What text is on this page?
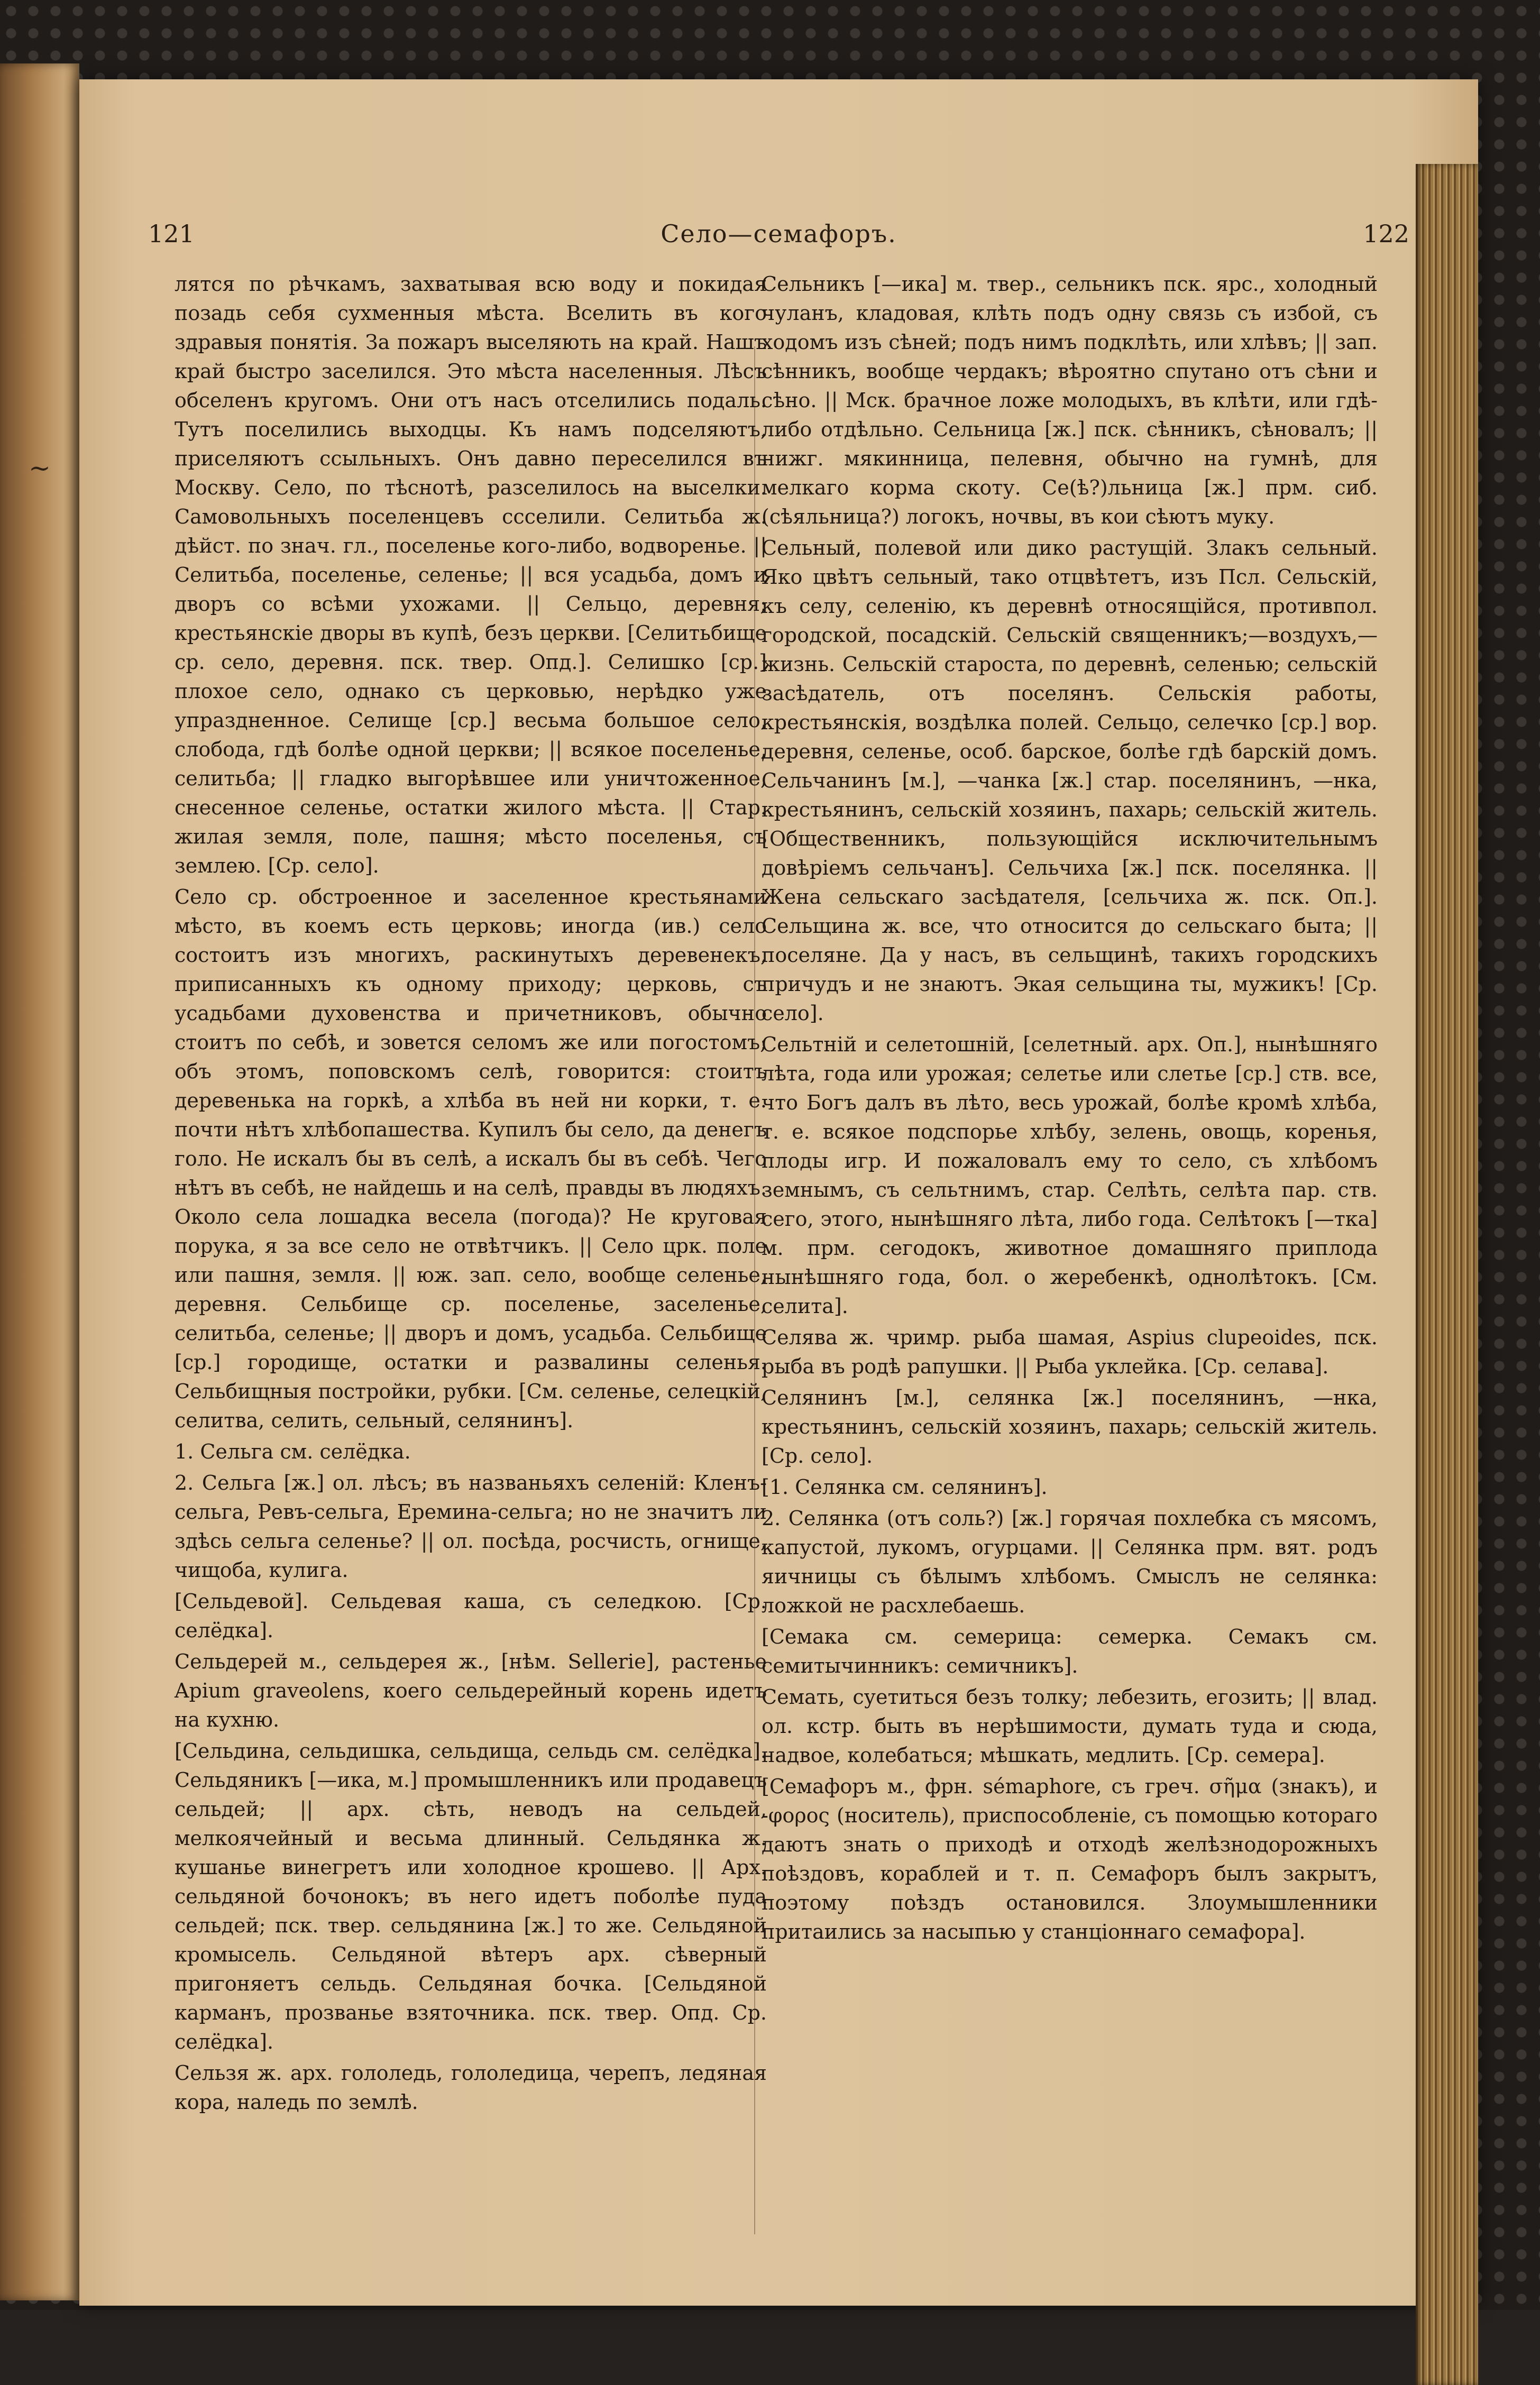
~
121	Село—семафоръ.	122

лятся по рѣчкамъ, захватывая всю воду и покидая позадь себя сухменныя мѣста. Вселить въ кого здравыя понятія. За пожаръ выселяють на край. Нашъ край быстро заселился. Это мѣста населенныя. Лѣсъ обселенъ кругомъ. Они отъ насъ отселились подаль. Тутъ поселились выходцы. Къ намъ подселяютъ, приселяютъ ссыльныхъ. Онъ давно переселился въ Москву. Село, по тѣснотѣ, разселилось на выселки. Самовольныхъ поселенцевъ ссселили. Селитьба ж. дѣйст. по знач. гл., поселенье кого-либо, водворенье. || Селитьба, поселенье, селенье; || вся усадьба, домъ и дворъ со всѣми ухожами. || Сельцо, деревня; крестьянскіе дворы въ купѣ, безъ церкви. [Селитьбище ср. село, деревня. пск. твер. Опд.]. Селишко [ср.] плохое село, однако съ церковью, нерѣдко уже упраздненное. Селище [ср.] весьма большое село, слобода, гдѣ болѣе одной церкви; || всякое поселенье, селитьба; || гладко выгорѣвшее или уничтоженное, снесенное селенье, остатки жилого мѣста. || Стар. жилая земля, поле, пашня; мѣсто поселенья, съ землею. [Ср. село].

Село ср. обстроенное и заселенное крестьянами мѣсто, въ коемъ есть церковь; иногда (ив.) село состоитъ изъ многихъ, раскинутыхъ деревенекъ, приписанныхъ къ одному приходу; церковь, съ усадьбами духовенства и причетниковъ, обычно стоитъ по себѣ, и зовется селомъ же или погостомъ; объ этомъ, поповскомъ селѣ, говорится: стоитъ деревенька на горкѣ, а хлѣба въ ней ни корки, т. е. почти нѣтъ хлѣбопашества. Купилъ бы село, да денегъ голо. Не искалъ бы въ селѣ, а искалъ бы въ себѣ. Чего нѣтъ въ себѣ, не найдешь и на селѣ, правды въ людяхъ. Около села лошадка весела (погода)? Не круговая порука, я за все село не отвѣтчикъ. || Село црк. поле или пашня, земля. || юж. зап. село, вообще селенье, деревня. Сельбище ср. поселенье, заселенье, селитьба, селенье; || дворъ и домъ, усадьба. Сельбище [ср.] городище, остатки и развалины селенья. Сельбищныя постройки, рубки. [См. селенье, селецкій, селитва, селить, сельный, селянинъ].

1. Сельга см. селёдка.

2. Сельга [ж.] ол. лѣсъ; въ названьяхъ селеній: Кленъ-сельга, Ревъ-сельга, Еремина-сельга; но не значитъ ли здѣсь сельга селенье? || ол. посѣда, росчисть, огнище, чищоба, кулига.

[Сельдевой]. Сельдевая каша, съ селедкою. [Ср. селёдка].

Сельдерей м., сельдерея ж., [нѣм. Sellerie], растенье Apium graveolens, коего сельдерейный корень идетъ на кухню.

[Сельдина, сельдишка, сельдища, сельдь см. селёдка]. Сельдяникъ [—ика, м.] промышленникъ или продавецъ сельдей; || арх. сѣть, неводъ на сельдей, мелкоячейный и весьма длинный. Сельдянка ж. кушанье винегретъ или холодное крошево. || Арх. сельдяной бочонокъ; въ него идетъ поболѣе пуда сельдей; пск. твер. сельдянина [ж.] то же. Сельдяной кромысель. Сельдяной вѣтеръ арх. сѣверный пригоняетъ сельдь. Сельдяная бочка. [Сельдяной карманъ, прозванье взяточника. пск. твер. Опд. Ср. селёдка].

Сельзя ж. арх. гололедь, гололедица, черепъ, ледяная кора, наледь по землѣ.

Сельникъ [—ика] м. твер., сельникъ пск. ярс., холодный чуланъ, кладовая, клѣть подъ одну связь съ избой, съ ходомъ изъ сѣней; подъ нимъ подклѣть, или хлѣвъ; || зап. сѣнникъ, вообще чердакъ; вѣроятно спутано отъ сѣни и сѣно. || Мск. брачное ложе молодыхъ, въ клѣти, или гдѣ-либо отдѣльно. Сельница [ж.] пск. сѣнникъ, сѣновалъ; || нижг. мякинница, пелевня, обычно на гумнѣ, для мелкаго корма скоту. Се(ѣ?)льница [ж.] прм. сиб. (сѣяльница?) логокъ, ночвы, въ кои сѣютъ муку.

Сельный, полевой или дико растущій. Злакъ сельный. Яко цвѣтъ сельный, тако отцвѣтетъ, изъ Псл. Сельскій, къ селу, селенію, къ деревнѣ относящійся, противпол. городской, посадскій. Сельскій священникъ;—воздухъ,—жизнь. Сельскій староста, по деревнѣ, селенью; сельскій засѣдатель, отъ поселянъ. Сельскія работы, крестьянскія, воздѣлка полей. Сельцо, селечко [ср.] вор. деревня, селенье, особ. барское, болѣе гдѣ барскій домъ. Сельчанинъ [м.], —чанка [ж.] стар. поселянинъ, —нка, крестьянинъ, сельскій хозяинъ, пахарь; сельскій житель. [Общественникъ, пользующійся исключительнымъ довѣріемъ сельчанъ]. Сельчиха [ж.] пск. поселянка. || Жена сельскаго засѣдателя, [сельчиха ж. пск. Оп.]. Сельщина ж. все, что относится до сельскаго быта; || поселяне. Да у насъ, въ сельщинѣ, такихъ городскихъ причудъ и не знаютъ. Экая сельщина ты, мужикъ! [Ср. село].

Сельтній и селетошній, [селетный. арх. Оп.], нынѣшняго лѣта, года или урожая; селетье или слетье [ср.] ств. все, что Богъ далъ въ лѣто, весь урожай, болѣе кромѣ хлѣба, т. е. всякое подспорье хлѣбу, зелень, овощь, коренья, плоды игр. И пожаловалъ ему то село, съ хлѣбомъ земнымъ, съ сельтнимъ, стар. Селѣть, селѣта пар. ств. сего, этого, нынѣшняго лѣта, либо года. Селѣтокъ [—тка] м. прм. сегодокъ, животное домашняго приплода нынѣшняго года, бол. о жеребенкѣ, однолѣтокъ. [См. селита].

Селява ж. чримр. рыба шамая, Aspius clupeoides, пск. рыба въ родѣ рапушки. || Рыба уклейка. [Ср. селава].

Селянинъ [м.], селянка [ж.] поселянинъ, —нка, крестьянинъ, сельскій хозяинъ, пахарь; сельскій житель. [Ср. село].

[1. Селянка см. селянинъ].

2. Селянка (отъ соль?) [ж.] горячая похлебка съ мясомъ, капустой, лукомъ, огурцами. || Селянка прм. вят. родъ яичницы съ бѣлымъ хлѣбомъ. Смыслъ не селянка: ложкой не расхлебаешь.

[Семака см. семерица: семерка. Семакъ см. семитычинникъ: семичникъ].

Семать, суетиться безъ толку; лебезить, егозить; || влад. ол. кстр. быть въ нерѣшимости, думать туда и сюда, надвое, колебаться; мѣшкать, медлить. [Ср. семера].

[Семафоръ м., фрн. sémaphore, съ греч. σῆμα (знакъ), и -φορος (носитель), приспособленіе, съ помощью котораго даютъ знать о приходѣ и отходѣ желѣзнодорожныхъ поѣздовъ, кораблей и т. п. Семафоръ былъ закрытъ, поэтому поѣздъ остановился. Злоумышленники притаились за насыпью у станціоннаго семафора].
